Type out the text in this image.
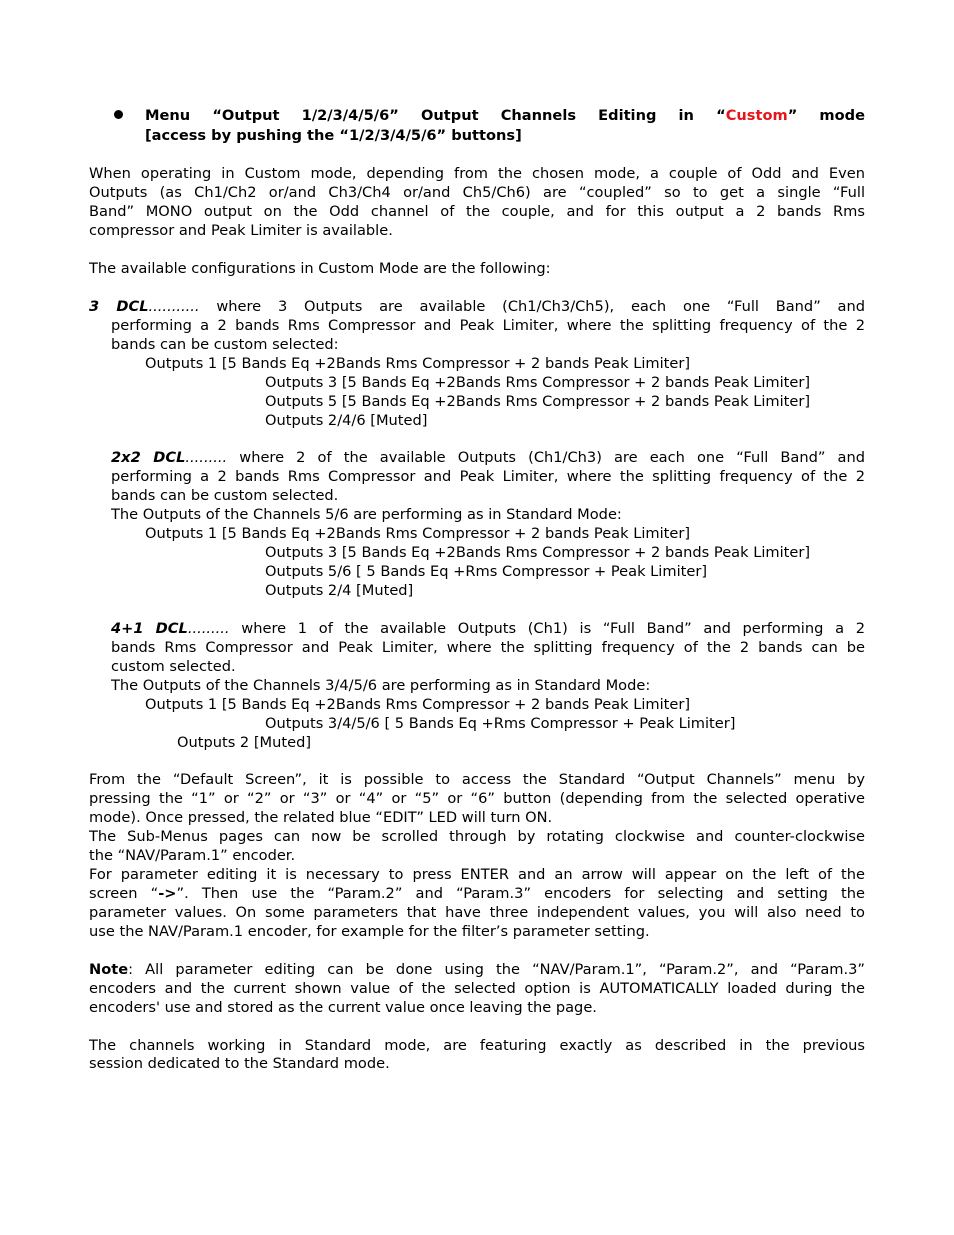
Menu “Output 1/2/3/4/5/6” Output Channels Editing in “Custom” mode
[access by pushing the “1/2/3/4/5/6” buttons]
When operating in Custom mode, depending from the chosen mode, a couple of Odd and Even
Outputs (as Ch1/Ch2 or/and Ch3/Ch4 or/and Ch5/Ch6) are “coupled” so to get a single “Full
Band” MONO output on the Odd channel of the couple, and for this output a 2 bands Rms
compressor and Peak Limiter is available.
The available configurations in Custom Mode are the following:
3 DCL........... where 3 Outputs are available (Ch1/Ch3/Ch5), each one “Full Band” and
performing a 2 bands Rms Compressor and Peak Limiter, where the splitting frequency of the 2
bands can be custom selected:
Outputs 1 [5 Bands Eq +2Bands Rms Compressor + 2 bands Peak Limiter]
Outputs 3 [5 Bands Eq +2Bands Rms Compressor + 2 bands Peak Limiter]
Outputs 5 [5 Bands Eq +2Bands Rms Compressor + 2 bands Peak Limiter]
Outputs 2/4/6 [Muted]
2x2 DCL......... where 2 of the available Outputs (Ch1/Ch3) are each one “Full Band” and
performing a 2 bands Rms Compressor and Peak Limiter, where the splitting frequency of the 2
bands can be custom selected.
The Outputs of the Channels 5/6 are performing as in Standard Mode:
Outputs 1 [5 Bands Eq +2Bands Rms Compressor + 2 bands Peak Limiter]
Outputs 3 [5 Bands Eq +2Bands Rms Compressor + 2 bands Peak Limiter]
Outputs 5/6 [ 5 Bands Eq +Rms Compressor + Peak Limiter]
Outputs 2/4 [Muted]
4+1 DCL......... where 1 of the available Outputs (Ch1) is “Full Band” and performing a 2
bands Rms Compressor and Peak Limiter, where the splitting frequency of the 2 bands can be
custom selected.
The Outputs of the Channels 3/4/5/6 are performing as in Standard Mode:
Outputs 1 [5 Bands Eq +2Bands Rms Compressor + 2 bands Peak Limiter]
Outputs 3/4/5/6 [ 5 Bands Eq +Rms Compressor + Peak Limiter]
Outputs 2 [Muted]
From the “Default Screen”, it is possible to access the Standard “Output Channels” menu by
pressing the “1” or “2” or “3” or “4” or “5” or “6” button (depending from the selected operative
mode). Once pressed, the related blue “EDIT” LED will turn ON.
The Sub-Menus pages can now be scrolled through by rotating clockwise and counter-clockwise
the “NAV/Param.1” encoder.
For parameter editing it is necessary to press ENTER and an arrow will appear on the left of the
screen “->”. Then use the “Param.2” and “Param.3” encoders for selecting and setting the
parameter values. On some parameters that have three independent values, you will also need to
use the NAV/Param.1 encoder, for example for the filter’s parameter setting.
Note: All parameter editing can be done using the “NAV/Param.1”, “Param.2”, and “Param.3”
encoders and the current shown value of the selected option is AUTOMATICALLY loaded during the
encoders' use and stored as the current value once leaving the page.
The channels working in Standard mode, are featuring exactly as described in the previous
session dedicated to the Standard mode.
